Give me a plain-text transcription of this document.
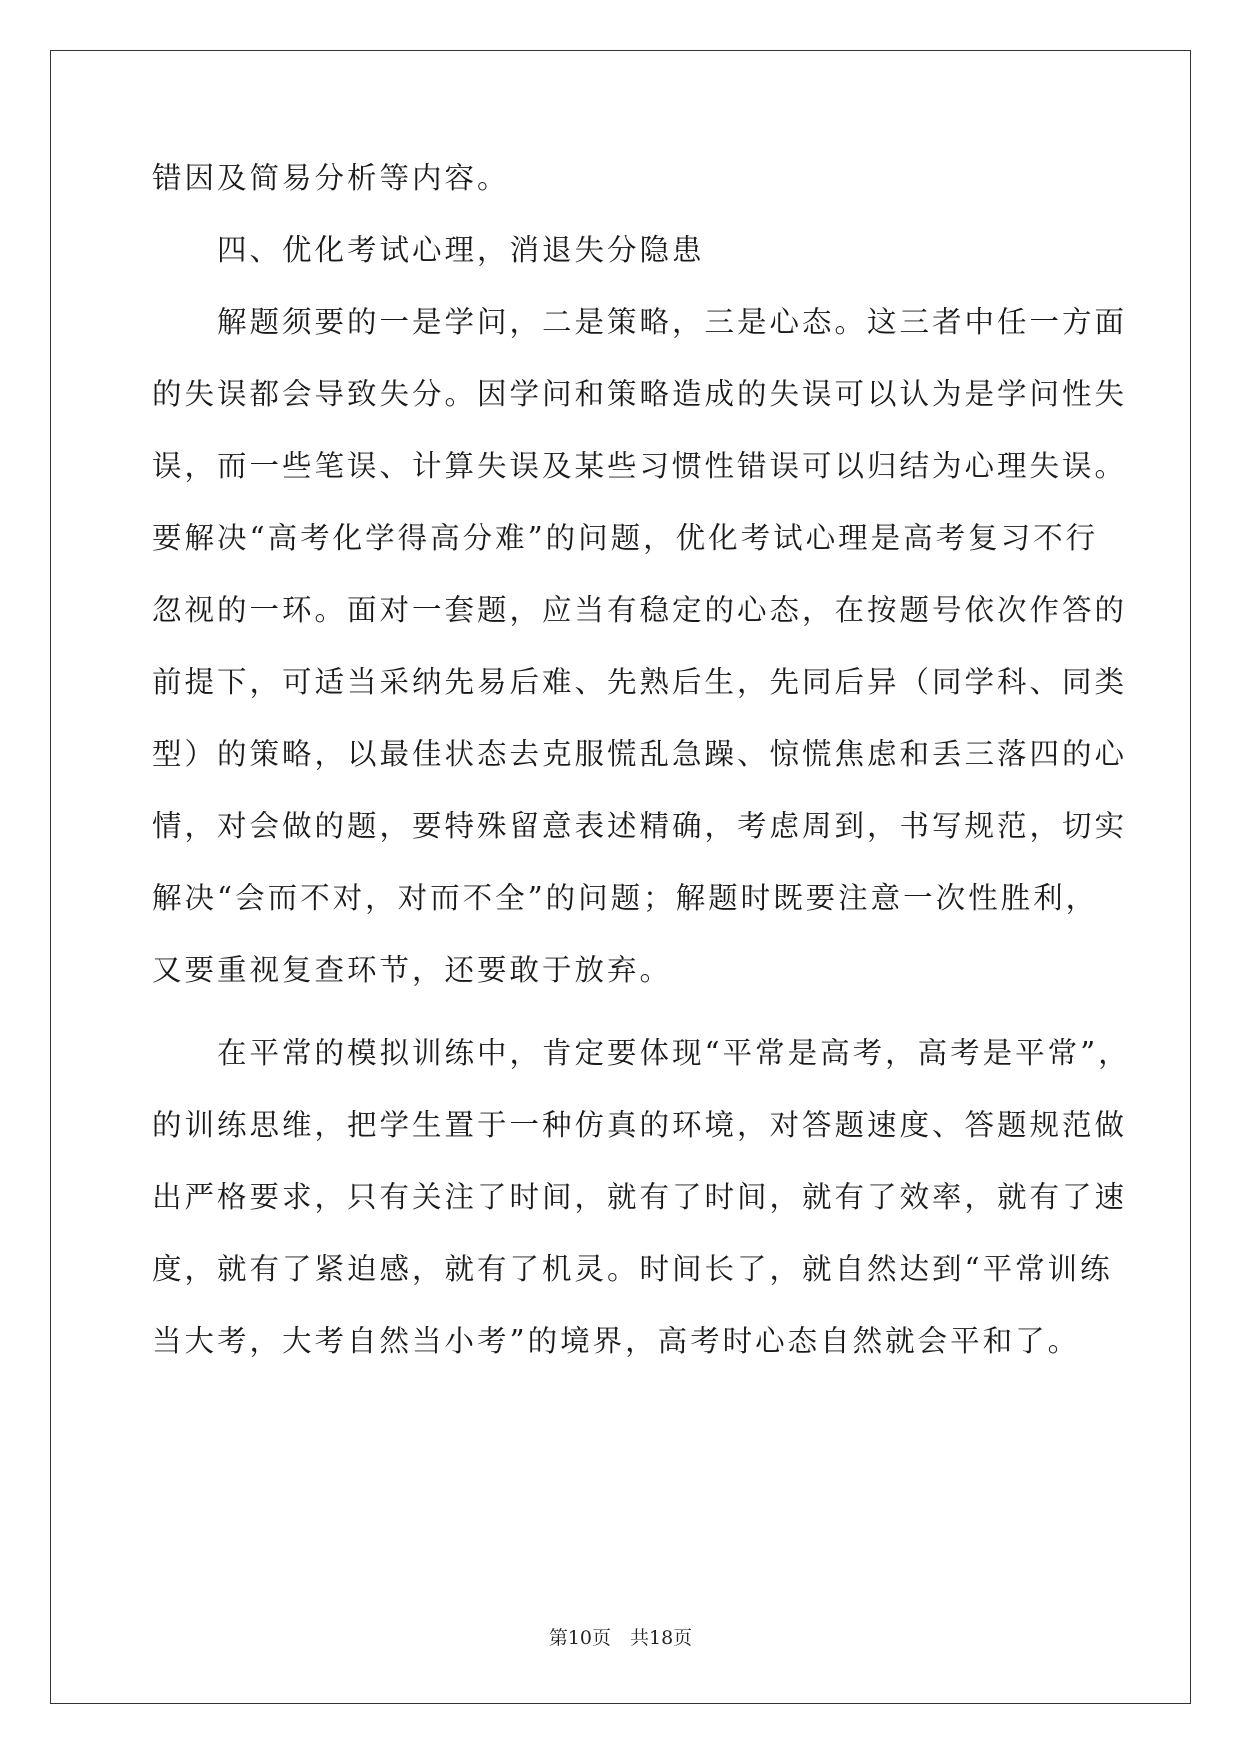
错因及简易分析等内容。
　　四、优化考试心理，消退失分隐患
　　解题须要的一是学问，二是策略，三是心态。这三者中任一方面
的失误都会导致失分。因学问和策略造成的失误可以认为是学问性失
误，而一些笔误、计算失误及某些习惯性错误可以归结为心理失误。
要解决“高考化学得高分难”的问题，优化考试心理是高考复习不行
忽视的一环。面对一套题，应当有稳定的心态，在按题号依次作答的
前提下，可适当采纳先易后难、先熟后生，先同后异（同学科、同类
型）的策略，以最佳状态去克服慌乱急躁、惊慌焦虑和丢三落四的心
情，对会做的题，要特殊留意表述精确，考虑周到，书写规范，切实
解决“会而不对，对而不全”的问题；解题时既要注意一次性胜利，
又要重视复查环节，还要敢于放弃。
　　在平常的模拟训练中，肯定要体现“平常是高考，高考是平常”，
的训练思维，把学生置于一种仿真的环境，对答题速度、答题规范做
出严格要求，只有关注了时间，就有了时间，就有了效率，就有了速
度，就有了紧迫感，就有了机灵。时间长了，就自然达到“平常训练
当大考，大考自然当小考”的境界，高考时心态自然就会平和了。
第10页　共18页
